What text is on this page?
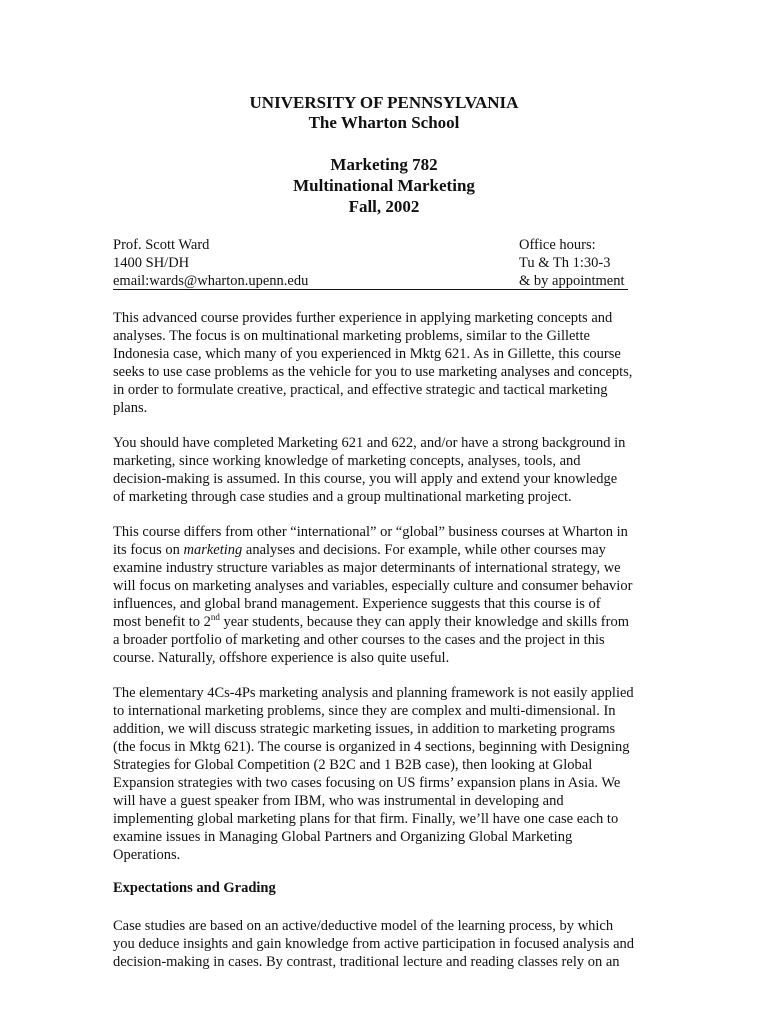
UNIVERSITY OF PENNSYLVANIA
The Wharton School
Marketing 782
Multinational Marketing
Fall, 2002
Prof. Scott Ward
1400 SH/DH
email:wards@wharton.upenn.edu
Office hours:
Tu & Th 1:30-3
& by appointment
This advanced course provides further experience in applying marketing concepts and
analyses. The focus is on multinational marketing problems, similar to the Gillette
Indonesia case, which many of you experienced in Mktg 621. As in Gillette, this course
seeks to use case problems as the vehicle for you to use marketing analyses and concepts,
in order to formulate creative, practical, and effective strategic and tactical marketing
plans.
You should have completed Marketing 621 and 622, and/or have a strong background in
marketing, since working knowledge of marketing concepts, analyses, tools, and
decision-making is assumed. In this course, you will apply and extend your knowledge
of marketing through case studies and a group multinational marketing project.
This course differs from other “international” or “global” business courses at Wharton in
its focus on marketing analyses and decisions. For example, while other courses may
examine industry structure variables as major determinants of international strategy, we
will focus on marketing analyses and variables, especially culture and consumer behavior
influences, and global brand management. Experience suggests that this course is of
most benefit to 2nd year students, because they can apply their knowledge and skills from
a broader portfolio of marketing and other courses to the cases and the project in this
course. Naturally, offshore experience is also quite useful.
The elementary 4Cs-4Ps marketing analysis and planning framework is not easily applied
to international marketing problems, since they are complex and multi-dimensional. In
addition, we will discuss strategic marketing issues, in addition to marketing programs
(the focus in Mktg 621). The course is organized in 4 sections, beginning with Designing
Strategies for Global Competition (2 B2C and 1 B2B case), then looking at Global
Expansion strategies with two cases focusing on US firms’ expansion plans in Asia. We
will have a guest speaker from IBM, who was instrumental in developing and
implementing global marketing plans for that firm. Finally, we’ll have one case each to
examine issues in Managing Global Partners and Organizing Global Marketing
Operations.
Expectations and Grading
Case studies are based on an active/deductive model of the learning process, by which
you deduce insights and gain knowledge from active participation in focused analysis and
decision-making in cases. By contrast, traditional lecture and reading classes rely on an
